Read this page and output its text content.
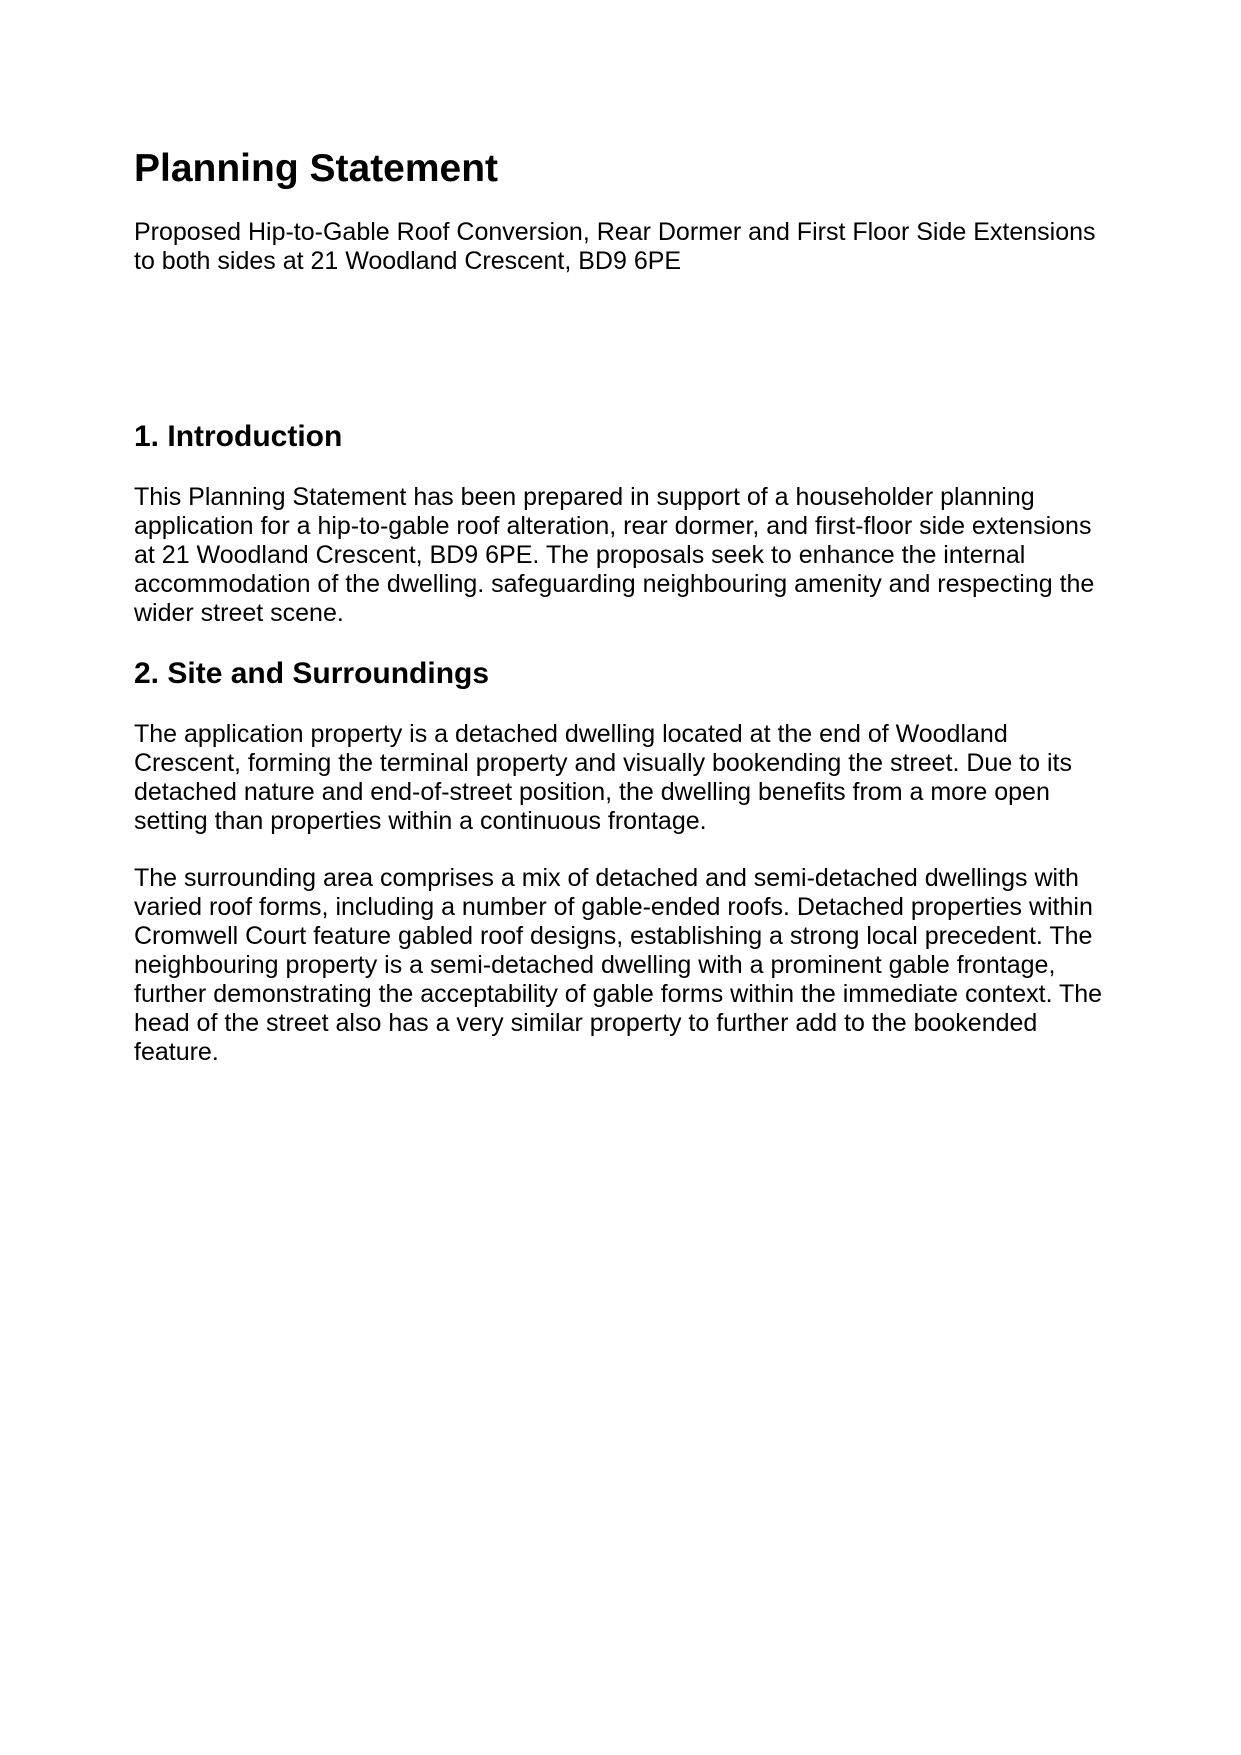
Planning Statement

Proposed Hip-to-Gable Roof Conversion, Rear Dormer and First Floor Side Extensions to both sides at 21 Woodland Crescent, BD9 6PE

1. Introduction

This Planning Statement has been prepared in support of a householder planning application for a hip-to-gable roof alteration, rear dormer, and first-floor side extensions at 21 Woodland Crescent, BD9 6PE. The proposals seek to enhance the internal accommodation of the dwelling. safeguarding neighbouring amenity and respecting the wider street scene.

2. Site and Surroundings

The application property is a detached dwelling located at the end of Woodland Crescent, forming the terminal property and visually bookending the street. Due to its detached nature and end-of-street position, the dwelling benefits from a more open setting than properties within a continuous frontage.

The surrounding area comprises a mix of detached and semi-detached dwellings with varied roof forms, including a number of gable-ended roofs. Detached properties within Cromwell Court feature gabled roof designs, establishing a strong local precedent. The neighbouring property is a semi-detached dwelling with a prominent gable frontage, further demonstrating the acceptability of gable forms within the immediate context. The head of the street also has a very similar property to further add to the bookended feature.
